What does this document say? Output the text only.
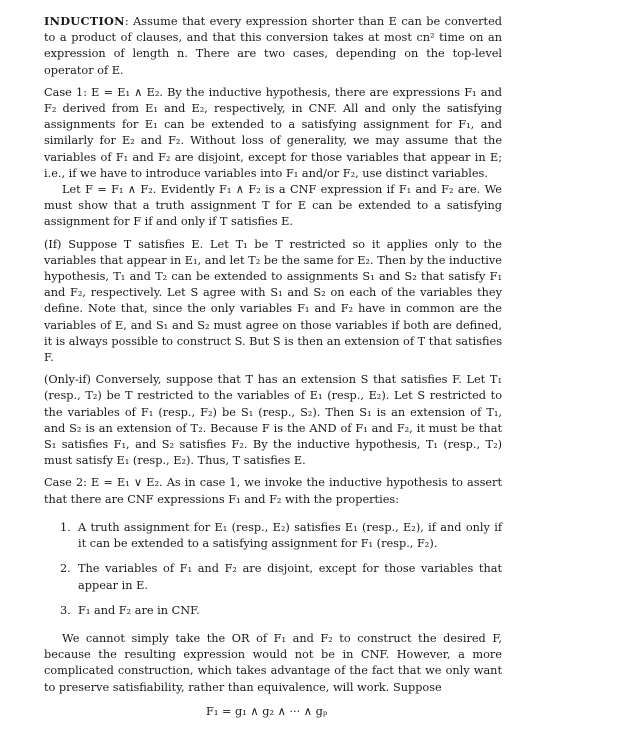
INDUCTION: Assume that every expression shorter than E can be converted to a product of clauses, and that this conversion takes at most cn² time on an expression of length n. There are two cases, depending on the top-level operator of E.

Case 1: E = E₁ ∧ E₂. By the inductive hypothesis, there are expressions F₁ and F₂ derived from E₁ and E₂, respectively, in CNF. All and only the satisfying assignments for E₁ can be extended to a satisfying assignment for F₁, and similarly for E₂ and F₂. Without loss of generality, we may assume that the variables of F₁ and F₂ are disjoint, except for those variables that appear in E; i.e., if we have to introduce variables into F₁ and/or F₂, use distinct variables.

Let F = F₁ ∧ F₂. Evidently F₁ ∧ F₂ is a CNF expression if F₁ and F₂ are. We must show that a truth assignment T for E can be extended to a satisfying assignment for F if and only if T satisfies E.

(If) Suppose T satisfies E. Let T₁ be T restricted so it applies only to the variables that appear in E₁, and let T₂ be the same for E₂. Then by the inductive hypothesis, T₁ and T₂ can be extended to assignments S₁ and S₂ that satisfy F₁ and F₂, respectively. Let S agree with S₁ and S₂ on each of the variables they define. Note that, since the only variables F₁ and F₂ have in common are the variables of E, and S₁ and S₂ must agree on those variables if both are defined, it is always possible to construct S. But S is then an extension of T that satisfies F.

(Only-if) Conversely, suppose that T has an extension S that satisfies F. Let T₁ (resp., T₂) be T restricted to the variables of E₁ (resp., E₂). Let S restricted to the variables of F₁ (resp., F₂) be S₁ (resp., S₂). Then S₁ is an extension of T₁, and S₂ is an extension of T₂. Because F is the AND of F₁ and F₂, it must be that S₁ satisfies F₁, and S₂ satisfies F₂. By the inductive hypothesis, T₁ (resp., T₂) must satisfy E₁ (resp., E₂). Thus, T satisfies E.

Case 2: E = E₁ ∨ E₂. As in case 1, we invoke the inductive hypothesis to assert that there are CNF expressions F₁ and F₂ with the properties:

1. A truth assignment for E₁ (resp., E₂) satisfies E₁ (resp., E₂), if and only if it can be extended to a satisfying assignment for F₁ (resp., F₂).
2. The variables of F₁ and F₂ are disjoint, except for those variables that appear in E.
3. F₁ and F₂ are in CNF.

We cannot simply take the OR of F₁ and F₂ to construct the desired F, because the resulting expression would not be in CNF. However, a more complicated construction, which takes advantage of the fact that we only want to preserve satisfiability, rather than equivalence, will work. Suppose

F₁ = g₁ ∧ g₂ ∧ ··· ∧ gₚ
